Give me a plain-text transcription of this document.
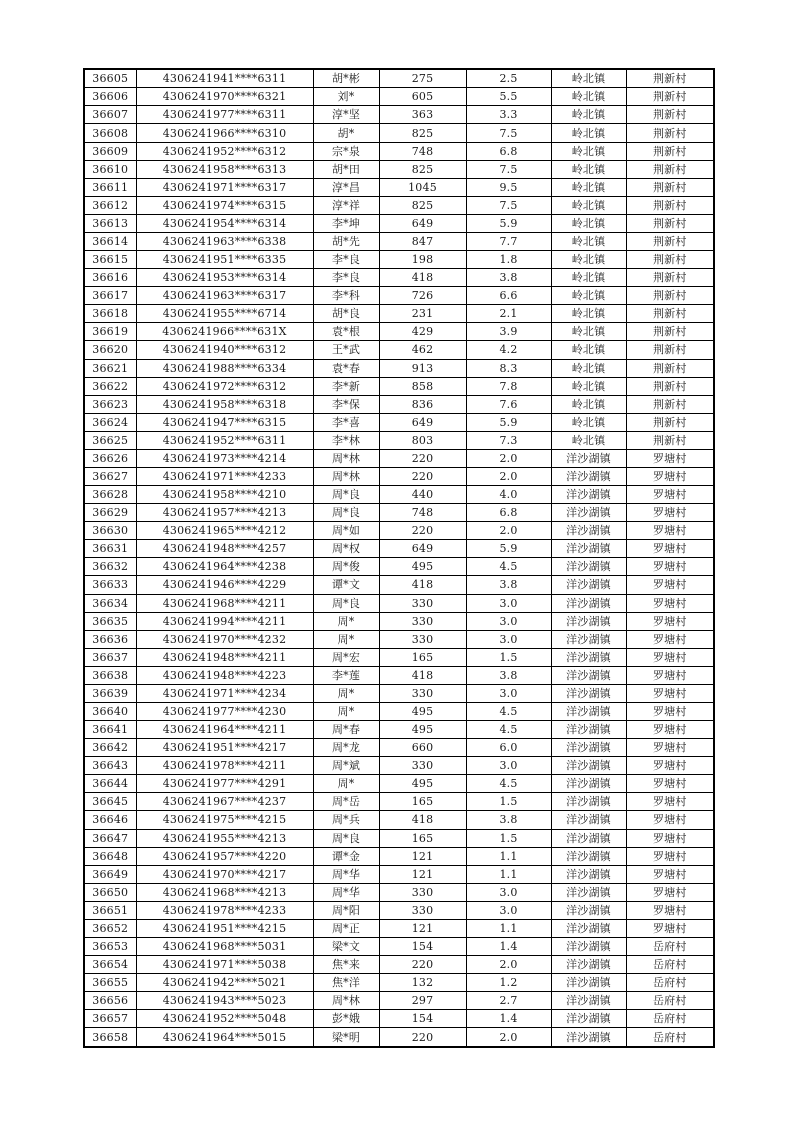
36605	4306241941****6311	胡*彬	275	2.5	岭北镇	荆新村
36606	4306241970****6321	刘*	605	5.5	岭北镇	荆新村
36607	4306241977****6311	淳*坚	363	3.3	岭北镇	荆新村
36608	4306241966****6310	胡*	825	7.5	岭北镇	荆新村
36609	4306241952****6312	宗*泉	748	6.8	岭北镇	荆新村
36610	4306241958****6313	胡*田	825	7.5	岭北镇	荆新村
36611	4306241971****6317	淳*昌	1045	9.5	岭北镇	荆新村
36612	4306241974****6315	淳*祥	825	7.5	岭北镇	荆新村
36613	4306241954****6314	李*坤	649	5.9	岭北镇	荆新村
36614	4306241963****6338	胡*先	847	7.7	岭北镇	荆新村
36615	4306241951****6335	李*良	198	1.8	岭北镇	荆新村
36616	4306241953****6314	李*良	418	3.8	岭北镇	荆新村
36617	4306241963****6317	李*科	726	6.6	岭北镇	荆新村
36618	4306241955****6714	胡*良	231	2.1	岭北镇	荆新村
36619	4306241966****631X	袁*根	429	3.9	岭北镇	荆新村
36620	4306241940****6312	王*武	462	4.2	岭北镇	荆新村
36621	4306241988****6334	袁*春	913	8.3	岭北镇	荆新村
36622	4306241972****6312	李*新	858	7.8	岭北镇	荆新村
36623	4306241958****6318	李*保	836	7.6	岭北镇	荆新村
36624	4306241947****6315	李*喜	649	5.9	岭北镇	荆新村
36625	4306241952****6311	李*林	803	7.3	岭北镇	荆新村
36626	4306241973****4214	周*林	220	2.0	洋沙湖镇	罗塘村
36627	4306241971****4233	周*林	220	2.0	洋沙湖镇	罗塘村
36628	4306241958****4210	周*良	440	4.0	洋沙湖镇	罗塘村
36629	4306241957****4213	周*良	748	6.8	洋沙湖镇	罗塘村
36630	4306241965****4212	周*如	220	2.0	洋沙湖镇	罗塘村
36631	4306241948****4257	周*权	649	5.9	洋沙湖镇	罗塘村
36632	4306241964****4238	周*俊	495	4.5	洋沙湖镇	罗塘村
36633	4306241946****4229	谭*文	418	3.8	洋沙湖镇	罗塘村
36634	4306241968****4211	周*良	330	3.0	洋沙湖镇	罗塘村
36635	4306241994****4211	周*	330	3.0	洋沙湖镇	罗塘村
36636	4306241970****4232	周*	330	3.0	洋沙湖镇	罗塘村
36637	4306241948****4211	周*宏	165	1.5	洋沙湖镇	罗塘村
36638	4306241948****4223	李*莲	418	3.8	洋沙湖镇	罗塘村
36639	4306241971****4234	周*	330	3.0	洋沙湖镇	罗塘村
36640	4306241977****4230	周*	495	4.5	洋沙湖镇	罗塘村
36641	4306241964****4211	周*春	495	4.5	洋沙湖镇	罗塘村
36642	4306241951****4217	周*龙	660	6.0	洋沙湖镇	罗塘村
36643	4306241978****4211	周*斌	330	3.0	洋沙湖镇	罗塘村
36644	4306241977****4291	周*	495	4.5	洋沙湖镇	罗塘村
36645	4306241967****4237	周*岳	165	1.5	洋沙湖镇	罗塘村
36646	4306241975****4215	周*兵	418	3.8	洋沙湖镇	罗塘村
36647	4306241955****4213	周*良	165	1.5	洋沙湖镇	罗塘村
36648	4306241957****4220	谭*金	121	1.1	洋沙湖镇	罗塘村
36649	4306241970****4217	周*华	121	1.1	洋沙湖镇	罗塘村
36650	4306241968****4213	周*华	330	3.0	洋沙湖镇	罗塘村
36651	4306241978****4233	周*阳	330	3.0	洋沙湖镇	罗塘村
36652	4306241951****4215	周*正	121	1.1	洋沙湖镇	罗塘村
36653	4306241968****5031	梁*文	154	1.4	洋沙湖镇	岳府村
36654	4306241971****5038	焦*来	220	2.0	洋沙湖镇	岳府村
36655	4306241942****5021	焦*洋	132	1.2	洋沙湖镇	岳府村
36656	4306241943****5023	周*林	297	2.7	洋沙湖镇	岳府村
36657	4306241952****5048	彭*娥	154	1.4	洋沙湖镇	岳府村
36658	4306241964****5015	梁*明	220	2.0	洋沙湖镇	岳府村
